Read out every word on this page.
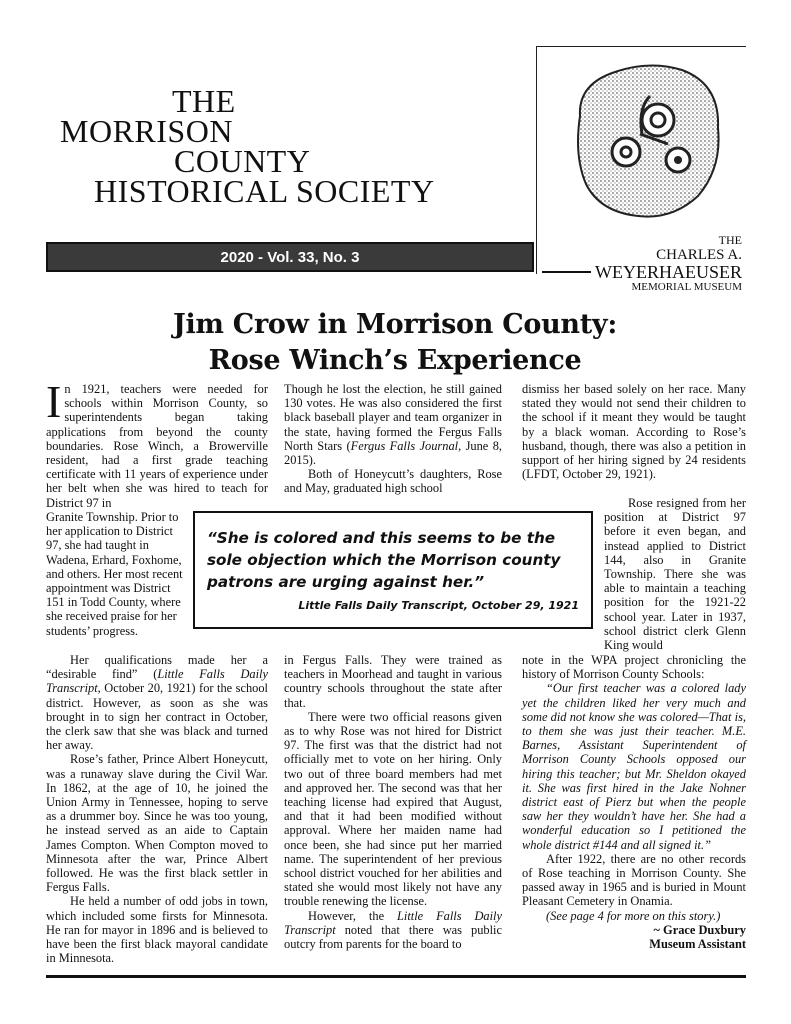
THE
MORRISON
COUNTY
HISTORICAL SOCIETY
2020 - Vol. 33, No. 3
THE
CHARLES A.
WEYERHAEUSER
MEMORIAL MUSEUM
Jim Crow in Morrison County:
Rose Winch’s Experience

In 1921, teachers were needed for schools within Morrison County, so superintendents began taking applications from beyond the county boundaries. Rose Winch, a Browerville resident, had a first grade teaching certificate with 11 years of experience under her belt when she was hired to teach for District 97 in

Granite Township. Prior to her application to District 97, she had taught in Wadena, Erhard, Foxhome, and others. Her most recent appointment was District 151 in Todd County, where she received praise for her students’ progress.

Her qualifications made her a “desirable find” (Little Falls Daily Transcript, October 20, 1921) for the school district. However, as soon as she was brought in to sign her contract in October, the clerk saw that she was black and turned her away.

Rose’s father, Prince Albert Honeycutt, was a runaway slave during the Civil War. In 1862, at the age of 10, he joined the Union Army in Tennessee, hoping to serve as a drummer boy. Since he was too young, he instead served as an aide to Captain James Compton. When Compton moved to Minnesota after the war, Prince Albert followed. He was the first black settler in Fergus Falls.

He held a number of odd jobs in town, which included some firsts for Minnesota. He ran for mayor in 1896 and is believed to have been the first black mayoral candidate in Minnesota.

Though he lost the election, he still gained 130 votes. He was also considered the first black baseball player and team organizer in the state, having formed the Fergus Falls North Stars (Fergus Falls Journal, June 8, 2015).

Both of Honeycutt’s daughters, Rose and May, graduated high school

in Fergus Falls. They were trained as teachers in Moorhead and taught in various country schools throughout the state after that.

There were two official reasons given as to why Rose was not hired for District 97. The first was that the district had not officially met to vote on her hiring. Only two out of three board members had met and approved her. The second was that her teaching license had expired that August, and that it had been modified without approval. Where her maiden name had once been, she had since put her married name. The superintendent of her previous school district vouched for her abilities and stated she would most likely not have any trouble renewing the license.

However, the Little Falls Daily Transcript noted that there was public outcry from parents for the board to

dismiss her based solely on her race. Many stated they would not send their children to the school if it meant they would be taught by a black woman. According to Rose’s husband, though, there was also a petition in support of her hiring signed by 24 residents (LFDT, October 29, 1921).

Rose resigned from her position at District 97 before it even began, and instead applied to District 144, also in Granite Township. There she was able to maintain a teaching position for the 1921-22 school year. Later in 1937, school district clerk Glenn King would

note in the WPA project chronicling the history of Morrison County Schools:

“Our first teacher was a colored lady yet the children liked her very much and some did not know she was colored—That is, to them she was just their teacher. M.E. Barnes, Assistant Superintendent of Morrison County Schools opposed our hiring this teacher; but Mr. Sheldon okayed it. She was first hired in the Jake Nohner district east of Pierz but when the people saw her they wouldn’t have her. She had a wonderful education so I petitioned the whole district #144 and all signed it.”

After 1922, there are no other records of Rose teaching in Morrison County. She passed away in 1965 and is buried in Mount Pleasant Cemetery in Onamia.

(See page 4 for more on this story.)

~ Grace Duxbury

Museum Assistant

“She is colored and this seems to be the sole objection which the Morrison county patrons are urging against her.”
Little Falls Daily Transcript, October 29, 1921
